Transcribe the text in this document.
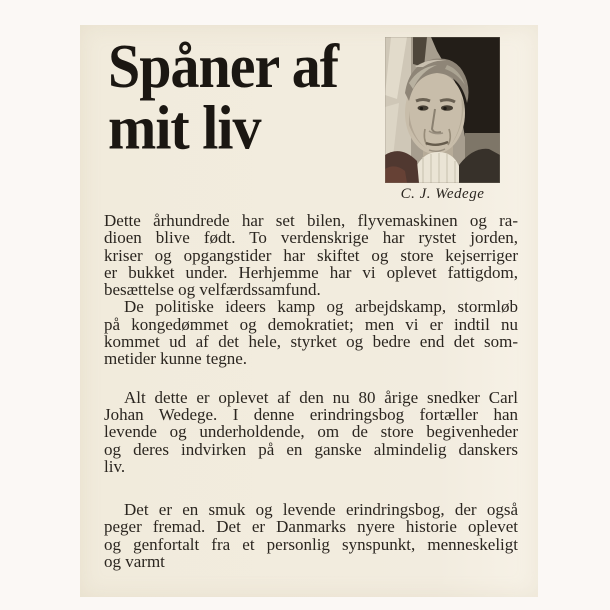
Spåner af
mit liv
C. J. Wedege
Dette århundrede har set bilen, flyvemaskinen og ra-
dioen blive født. To verdenskrige har rystet jorden,
kriser og opgangstider har skiftet og store kejserriger
er bukket under. Herhjemme har vi oplevet fattigdom,
besættelse og velfærdssamfund.
De politiske ideers kamp og arbejdskamp, stormløb
på kongedømmet og demokratiet; men vi er indtil nu
kommet ud af det hele, styrket og bedre end det som-
metider kunne tegne.
Alt dette er oplevet af den nu 80 årige snedker Carl
Johan Wedege. I denne erindringsbog fortæller han
levende og underholdende, om de store begivenheder
og deres indvirken på en ganske almindelig danskers
liv.
Det er en smuk og levende erindringsbog, der også
peger fremad. Det er Danmarks nyere historie oplevet
og genfortalt fra et personlig synspunkt, menneskeligt
og varmt
